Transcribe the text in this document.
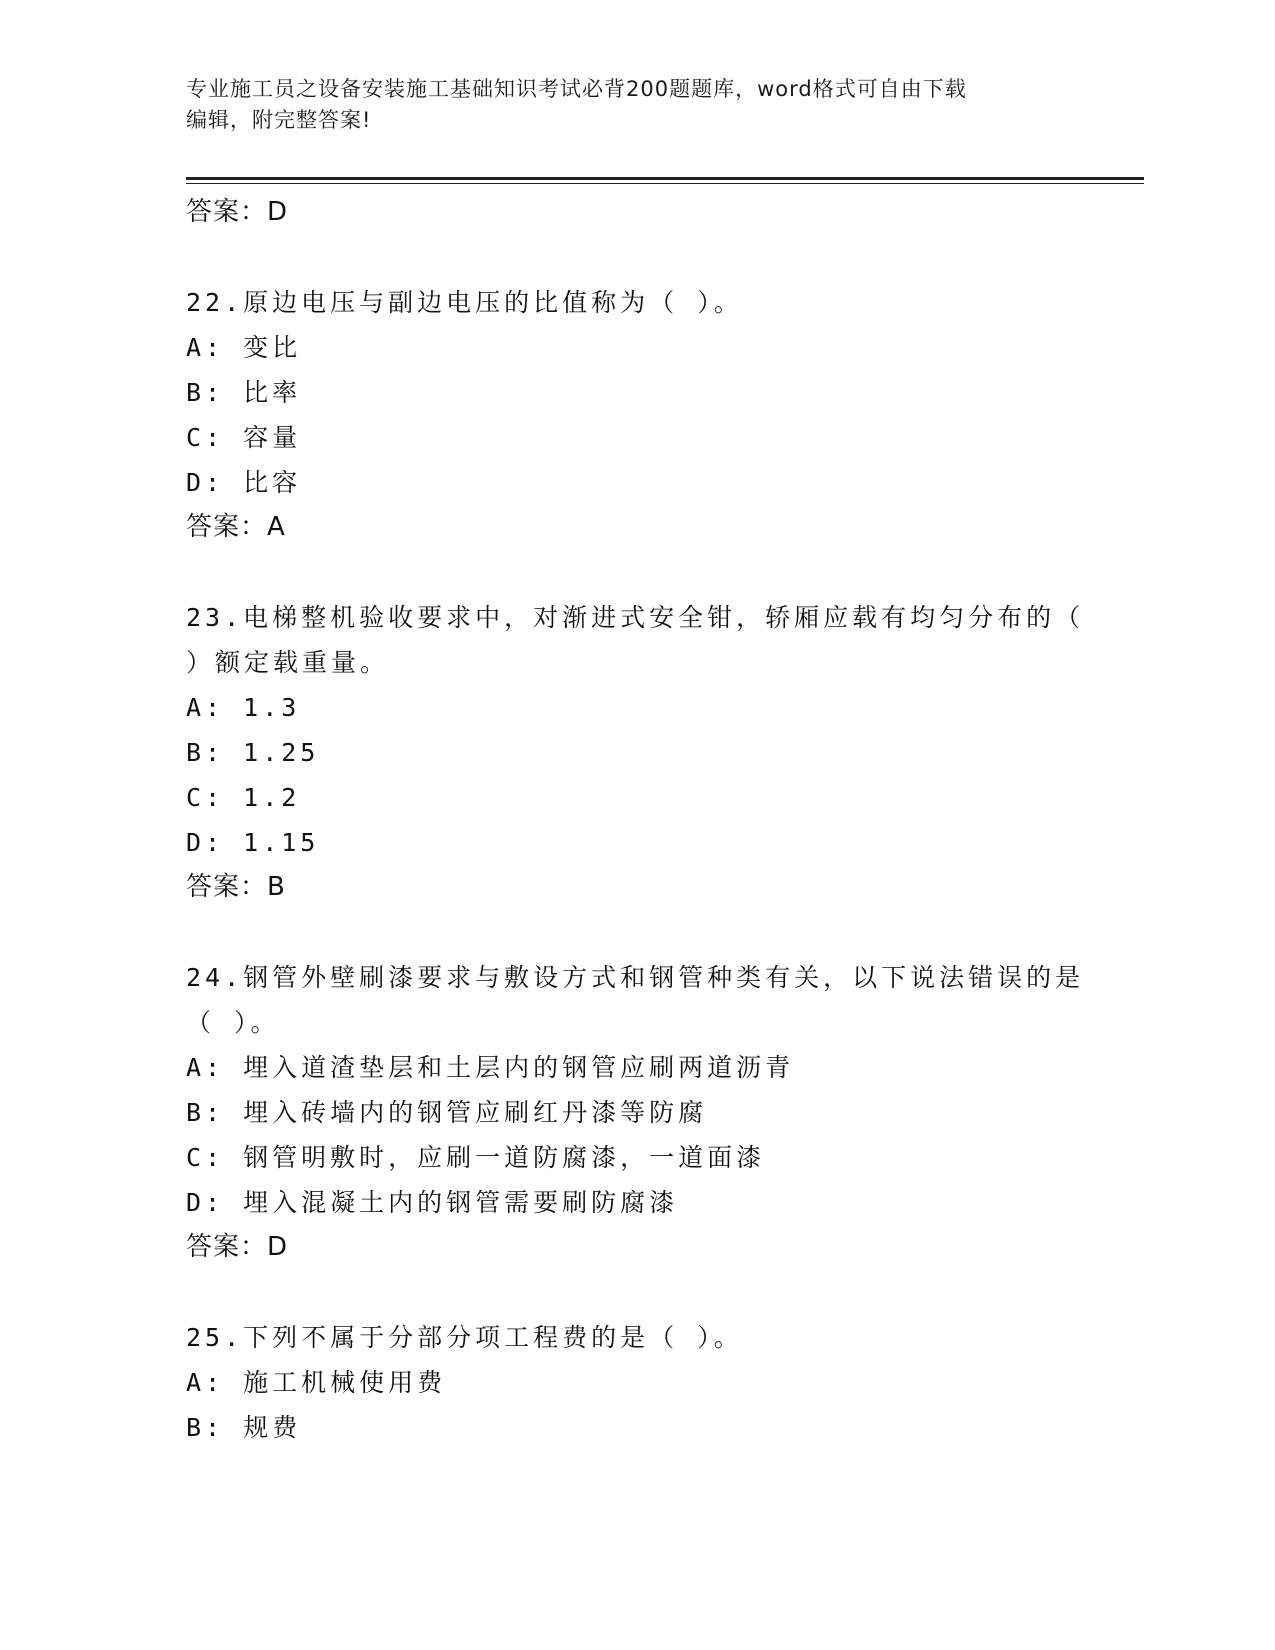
专业施工员之设备安装施工基础知识考试必背200题题库，word格式可自由下载
编辑，附完整答案!
答案：D
22.原边电压与副边电压的比值称为（ ）。
A: 变比
B: 比率
C: 容量
D: 比容
答案：A
23.电梯整机验收要求中，对渐进式安全钳，轿厢应载有均匀分布的（
）额定载重量。
A: 1.3
B: 1.25
C: 1.2
D: 1.15
答案：B
24.钢管外壁刷漆要求与敷设方式和钢管种类有关，以下说法错误的是
（ ）。
A: 埋入道渣垫层和土层内的钢管应刷两道沥青
B: 埋入砖墙内的钢管应刷红丹漆等防腐
C: 钢管明敷时，应刷一道防腐漆，一道面漆
D: 埋入混凝土内的钢管需要刷防腐漆
答案：D
25.下列不属于分部分项工程费的是（ ）。
A: 施工机械使用费
B: 规费
